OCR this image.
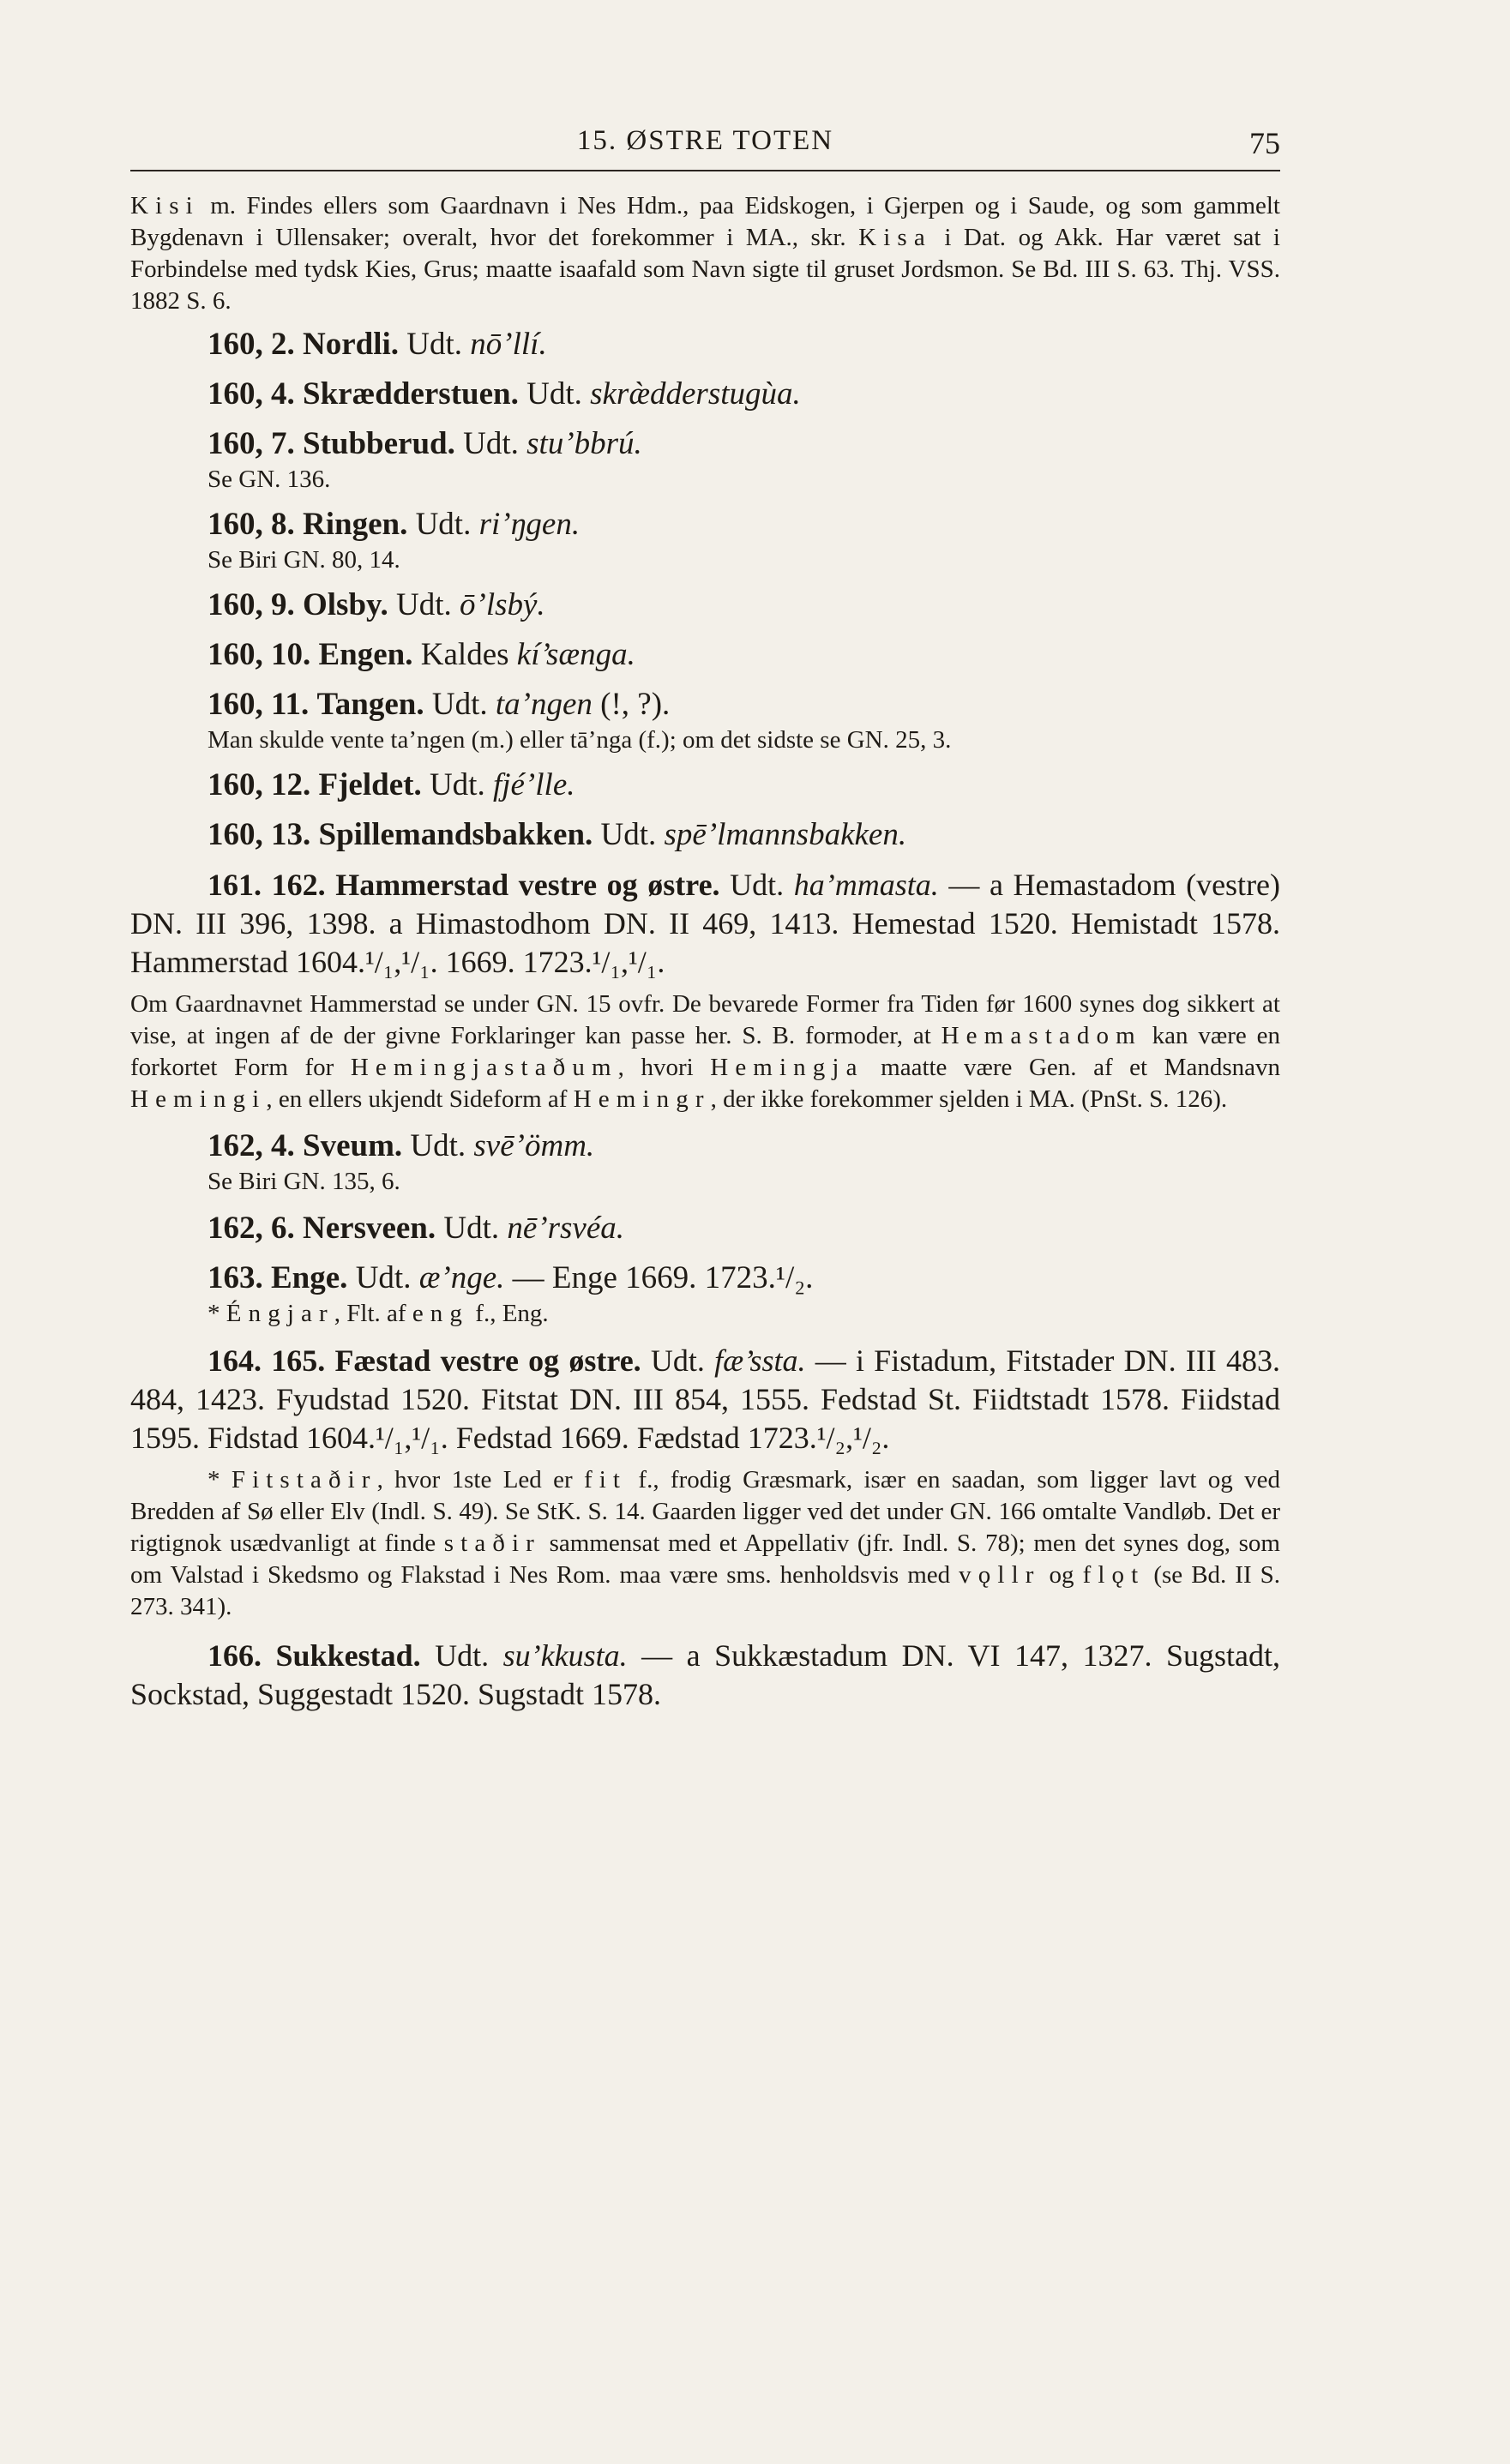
15. ØSTRE TOTEN	75

Kisi m. Findes ellers som Gaardnavn i Nes Hdm., paa Eidskogen, i Gjerpen og i Saude, og som gammelt Bygdenavn i Ullensaker; overalt, hvor det forekommer i MA., skr. Kisa i Dat. og Akk. Har været sat i Forbindelse med tydsk Kies, Grus; maatte isaafald som Navn sigte til gruset Jordsmon. Se Bd. III S. 63. Thj. VSS. 1882 S. 6.

160, 2. Nordli. Udt. nō’llí.

160, 4. Skrædderstuen. Udt. skræ̀dderstugùa.

160, 7. Stubberud. Udt. stu’bbrú.

Se GN. 136.

160, 8. Ringen. Udt. ri’ŋgen.

Se Biri GN. 80, 14.

160, 9. Olsby. Udt. ō’lsbý.

160, 10. Engen. Kaldes kí’sænga.

160, 11. Tangen. Udt. ta’ngen (!, ?).

Man skulde vente ta’ngen (m.) eller tā’nga (f.); om det sidste se GN. 25, 3.

160, 12. Fjeldet. Udt. fjé’lle.

160, 13. Spillemandsbakken. Udt. spē’lmannsbakken.

161. 162. Hammerstad vestre og østre. Udt. ha’mmasta. — a Hemastadom (vestre) DN. III 396, 1398. a Himastodhom DN. II 469, 1413. Hemestad 1520. Hemistadt 1578. Hammerstad 1604.¹/₁,¹/₁. 1669. 1723.¹/₁,¹/₁.

Om Gaardnavnet Hammerstad se under GN. 15 ovfr. De bevarede Former fra Tiden før 1600 synes dog sikkert at vise, at ingen af de der givne Forklaringer kan passe her. S. B. formoder, at Hemastadom kan være en forkortet Form for Hemingjastaðum, hvori Hemingja maatte være Gen. af et Mandsnavn Hemingi, en ellers ukjendt Sideform af Hemingr, der ikke forekommer sjelden i MA. (PnSt. S. 126).

162, 4. Sveum. Udt. svē’ömm.

Se Biri GN. 135, 6.

162, 6. Nersveen. Udt. nē’rsvéa.

163. Enge. Udt. æ’nge. — Enge 1669. 1723.¹/₂.

* Éngjar, Flt. af eng f., Eng.

164. 165. Fæstad vestre og østre. Udt. fæ’ssta. — i Fistadum, Fitstader DN. III 483. 484, 1423. Fyudstad 1520. Fitstat DN. III 854, 1555. Fedstad St. Fiidtstadt 1578. Fiidstad 1595. Fidstad 1604.¹/₁,¹/₁. Fedstad 1669. Fædstad 1723.¹/₂,¹/₂.

* Fitstaðir, hvor 1ste Led er fit f., frodig Græsmark, især en saadan, som ligger lavt og ved Bredden af Sø eller Elv (Indl. S. 49). Se StK. S. 14. Gaarden ligger ved det under GN. 166 omtalte Vandløb. Det er rigtignok usædvanligt at finde staðir sammensat med et Appellativ (jfr. Indl. S. 78); men det synes dog, som om Valstad i Skedsmo og Flakstad i Nes Rom. maa være sms. henholdsvis med vǫllr og flǫt (se Bd. II S. 273. 341).

166. Sukkestad. Udt. su’kkusta. — a Sukkæstadum DN. VI 147, 1327. Sugstadt, Sockstad, Suggestadt 1520. Sugstadt 1578.
